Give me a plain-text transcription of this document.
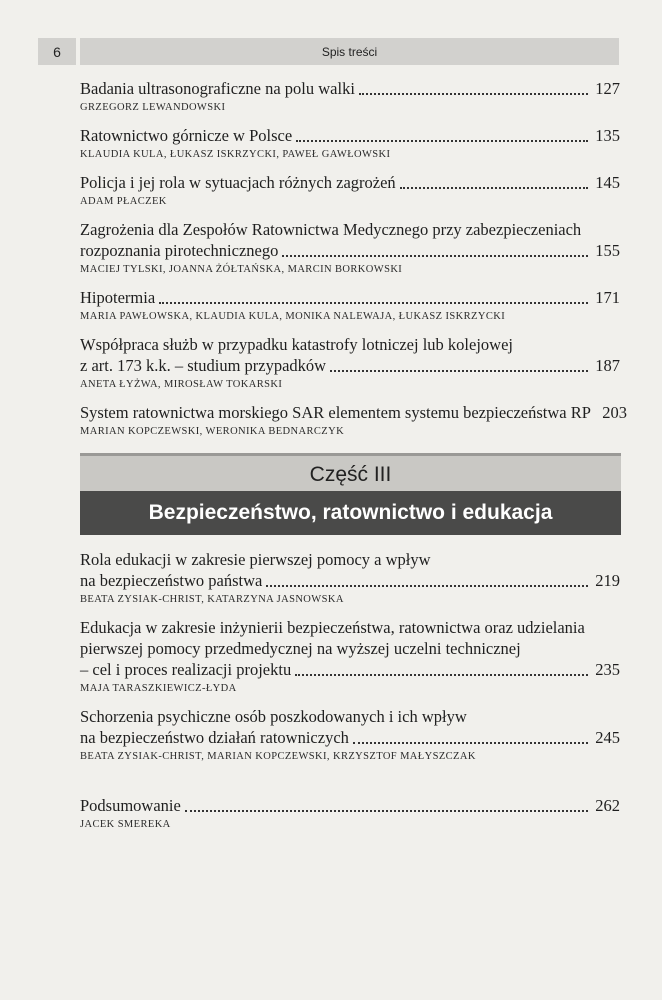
6	Spis treści
Badania ultrasonograficzne na polu walki	127
GRZEGORZ LEWANDOWSKI
Ratownictwo górnicze w Polsce	135
KLAUDIA KULA, ŁUKASZ ISKRZYCKI, PAWEŁ GAWŁOWSKI
Policja i jej rola w sytuacjach różnych zagrożeń	145
ADAM PŁACZEK
Zagrożenia dla Zespołów Ratownictwa Medycznego przy zabezpieczeniach
rozpoznania pirotechnicznego	155
MACIEJ TYLSKI, JOANNA ŻÓŁTAŃSKA, MARCIN BORKOWSKI
Hipotermia	171
MARIA PAWŁOWSKA, KLAUDIA KULA, MONIKA NALEWAJA, ŁUKASZ ISKRZYCKI
Współpraca służb w przypadku katastrofy lotniczej lub kolejowej
z art. 173 k.k. – studium przypadków	187
ANETA ŁYŻWA, MIROSŁAW TOKARSKI
System ratownictwa morskiego SAR elementem systemu bezpieczeństwa RP 203
MARIAN KOPCZEWSKI, WERONIKA BEDNARCZYK
Część III
Bezpieczeństwo, ratownictwo i edukacja
Rola edukacji w zakresie pierwszej pomocy a wpływ
na bezpieczeństwo państwa	219
BEATA ZYSIAK-CHRIST, KATARZYNA JASNOWSKA
Edukacja w zakresie inżynierii bezpieczeństwa, ratownictwa oraz udzielania
pierwszej pomocy przedmedycznej na wyższej uczelni technicznej
– cel i proces realizacji projektu	235
MAJA TARASZKIEWICZ-ŁYDA
Schorzenia psychiczne osób poszkodowanych i ich wpływ
na bezpieczeństwo działań ratowniczych	245
BEATA ZYSIAK-CHRIST, MARIAN KOPCZEWSKI, KRZYSZTOF MAŁYSZCZAK
Podsumowanie	262
JACEK SMEREKA
